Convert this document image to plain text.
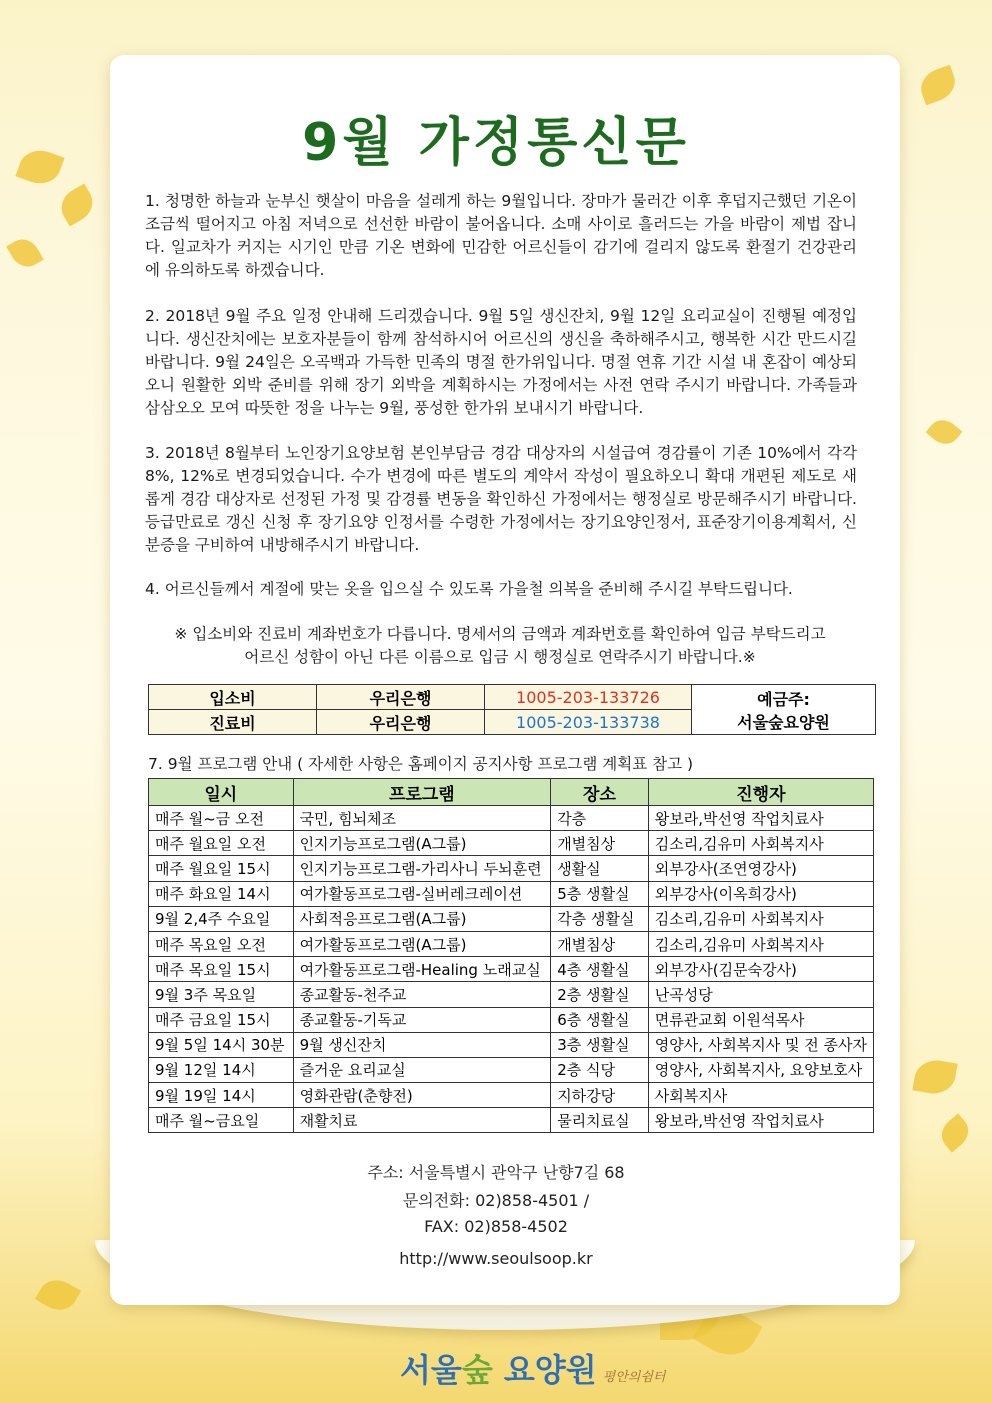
9월 가정통신문
1. 청명한 하늘과 눈부신 햇살이 마음을 설레게 하는 9월입니다. 장마가 물러간 이후 후덥지근했던 기온이 조금씩 떨어지고 아침 저녁으로 선선한 바람이 불어옵니다. 소매 사이로 흘러드는 가을 바람이 제법 잡니다. 일교차가 커지는 시기인 만큼 기온 변화에 민감한 어르신들이 감기에 걸리지 않도록 환절기 건강관리에 유의하도록 하겠습니다.
2. 2018년 9월 주요 일정 안내해 드리겠습니다. 9월 5일 생신잔치, 9월 12일 요리교실이 진행될 예정입니다. 생신잔치에는 보호자분들이 함께 참석하시어 어르신의 생신을 축하해주시고, 행복한 시간 만드시길 바랍니다. 9월 24일은 오곡백과 가득한 민족의 명절 한가위입니다. 명절 연휴 기간 시설 내 혼잡이 예상되오니 원활한 외박 준비를 위해 장기 외박을 계획하시는 가정에서는 사전 연락 주시기 바랍니다. 가족들과 삼삼오오 모여 따뜻한 정을 나누는 9월, 풍성한 한가위 보내시기 바랍니다.
3. 2018년 8월부터 노인장기요양보험 본인부담금 경감 대상자의 시설급여 경감률이 기존 10%에서 각각 8%, 12%로 변경되었습니다. 수가 변경에 따른 별도의 계약서 작성이 필요하오니 확대 개편된 제도로 새롭게 경감 대상자로 선정된 가정 및 감경률 변동을 확인하신 가정에서는 행정실로 방문해주시기 바랍니다. 등급만료로 갱신 신청 후 장기요양 인정서를 수령한 가정에서는 장기요양인정서, 표준장기이용계획서, 신분증을 구비하여 내방해주시기 바랍니다.
4. 어르신들께서 계절에 맞는 옷을 입으실 수 있도록 가을철 의복을 준비해 주시길 부탁드립니다.
※ 입소비와 진료비 계좌번호가 다릅니다. 명세서의 금액과 계좌번호를 확인하여 입금 부탁드리고
어르신 성함이 아닌 다른 이름으로 입금 시 행정실로 연락주시기 바랍니다.※
입소비	우리은행	1005-203-133726	예금주:
서울숲요양원

진료비	우리은행	1005-203-133738	
7. 9월 프로그램 안내 ( 자세한 사항은 홈페이지 공지사항 프로그램 계획표 참고 )
일시	프로그램	장소	진행자
매주 월~금 오전	국민, 힘뇌체조	각층	왕보라,박선영 작업치료사
매주 월요일 오전	인지기능프로그램(A그룹)	개별침상	김소리,김유미 사회복지사
매주 월요일 15시	인지기능프로그램-가리사니 두뇌훈련	생활실	외부강사(조연영강사)
매주 화요일 14시	여가활동프로그램-실버레크레이션	5층 생활실	외부강사(이옥희강사)
9월 2,4주 수요일	사회적응프로그램(A그룹)	각층 생활실	김소리,김유미 사회복지사
매주 목요일 오전	여가활동프로그램(A그룹)	개별침상	김소리,김유미 사회복지사
매주 목요일 15시	여가활동프로그램-Healing 노래교실	4층 생활실	외부강사(김문숙강사)
9월 3주 목요일	종교활동-천주교	2층 생활실	난곡성당
매주 금요일 15시	종교활동-기독교	6층 생활실	면류관교회 이원석목사
9월 5일 14시 30분	9월 생신잔치	3층 생활실	영양사, 사회복지사 및 전 종사자
9월 12일 14시	즐거운 요리교실	2층 식당	영양사, 사회복지사, 요양보호사
9월 19일 14시	영화관람(춘향전)	지하강당	사회복지사
매주 월~금요일	재활치료	물리치료실	왕보라,박선영 작업치료사
주소: 서울특별시 관악구 난향7길 68
문의전화: 02)858-4501 /
FAX: 02)858-4502
http://www.seoulsoop.kr
서울숲 요양원 평안의쉼터
